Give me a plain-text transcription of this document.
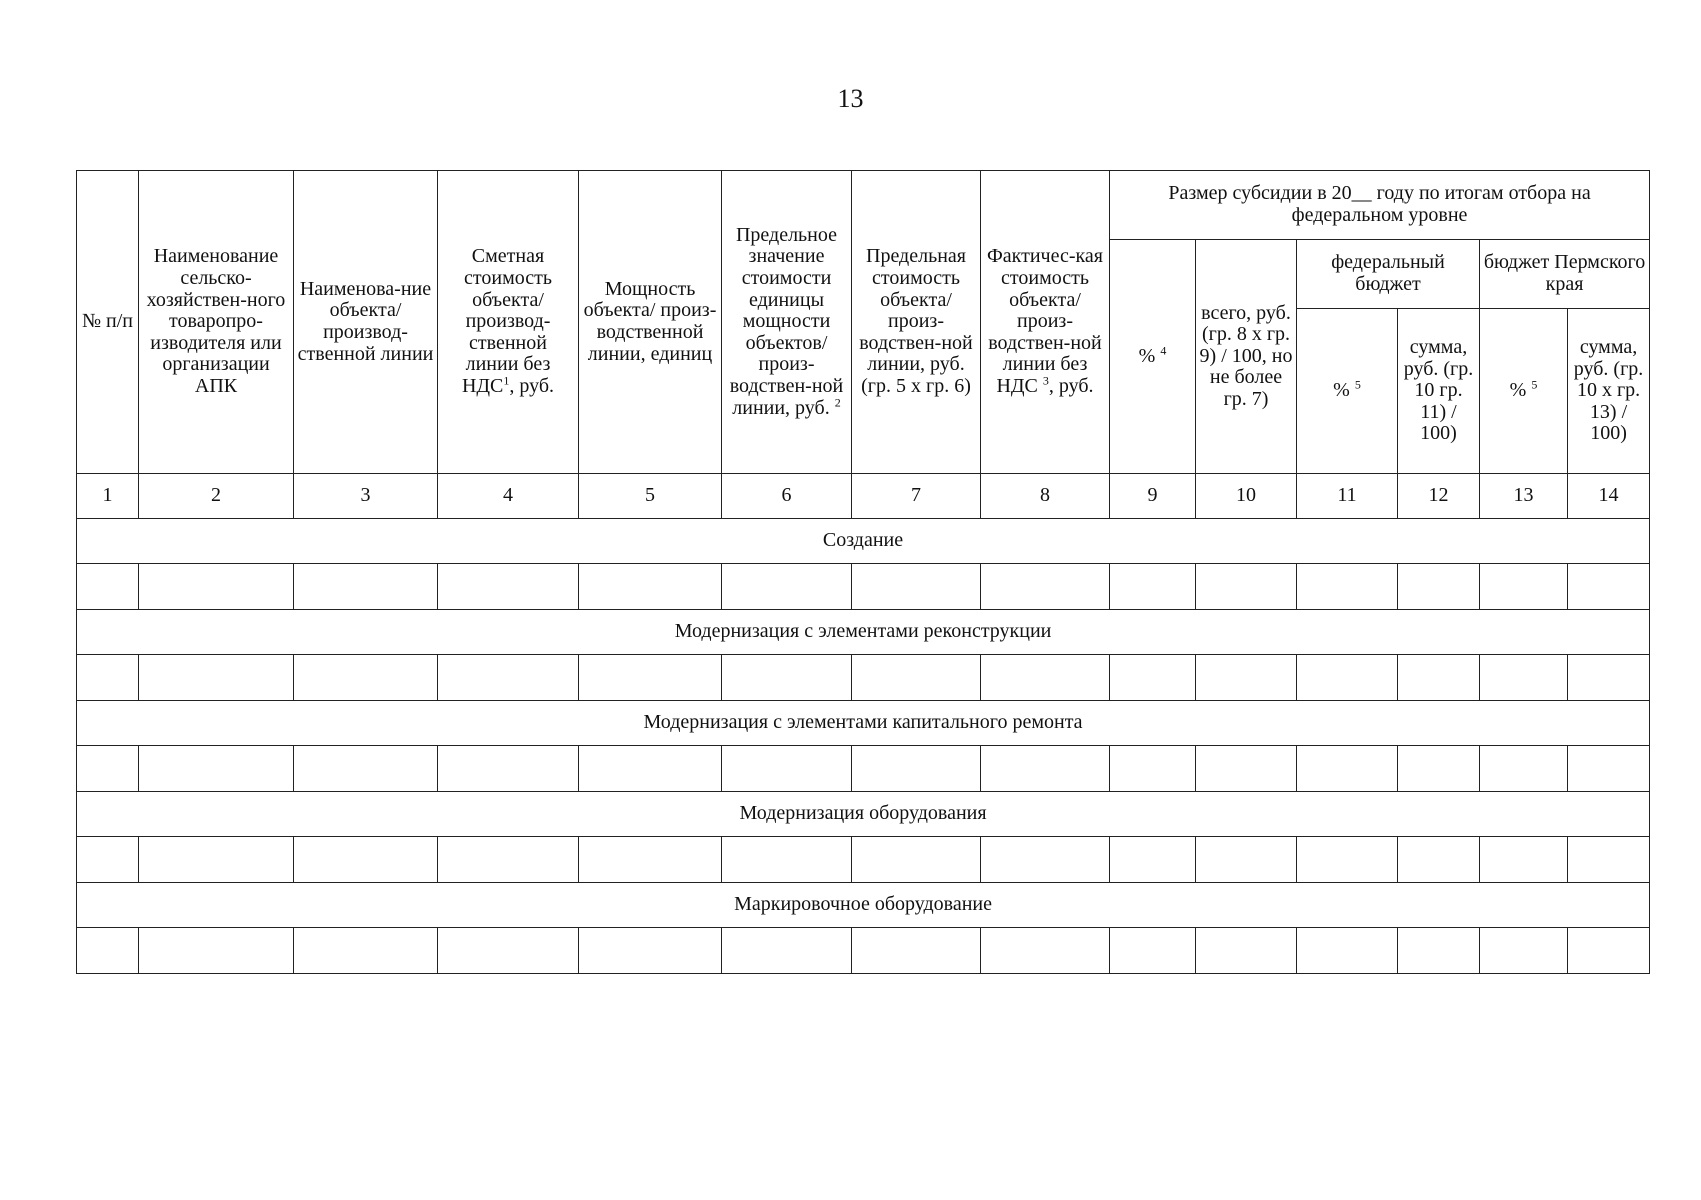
13
№ п/п	Наименование сельско-хозяйствен-ного товаропро-изводителя или организации АПК	Наименова-ние объекта/ производ-ственной линии	Сметная стоимость объекта/ производ-ственной линии без НДС$^1$, руб.	Мощность объекта/ произ-водственной линии, единиц	Предельное значение стоимости единицы мощности объектов/ произ-водствен-ной линии, руб. $^2$	Предельная стоимость объекта/ произ-водствен-ной линии, руб. (гр. 5 х гр. 6)	Фактичес-кая стоимость объекта/ произ-водствен-ной линии без НДС $^3$, руб.	Размер субсидии в 20__ году по итогам отбора на федеральном уровне					
								% $^4$	всего, руб. (гр. 8 х гр. 9) / 100, но не более гр. 7)	федеральный бюджет		бюджет Пермского края	
										% $^5$	сумма, руб. (гр. 10 гр. 11) / 100)	% $^5$	сумма, руб. (гр. 10 х гр. 13) / 100)
1	2	3	4	5	6	7	8	9	10	11	12	13	14
Создание													

Модернизация с элементами реконструкции													

Модернизация с элементами капитального ремонта													

Модернизация оборудования													

Маркировочное оборудование													
